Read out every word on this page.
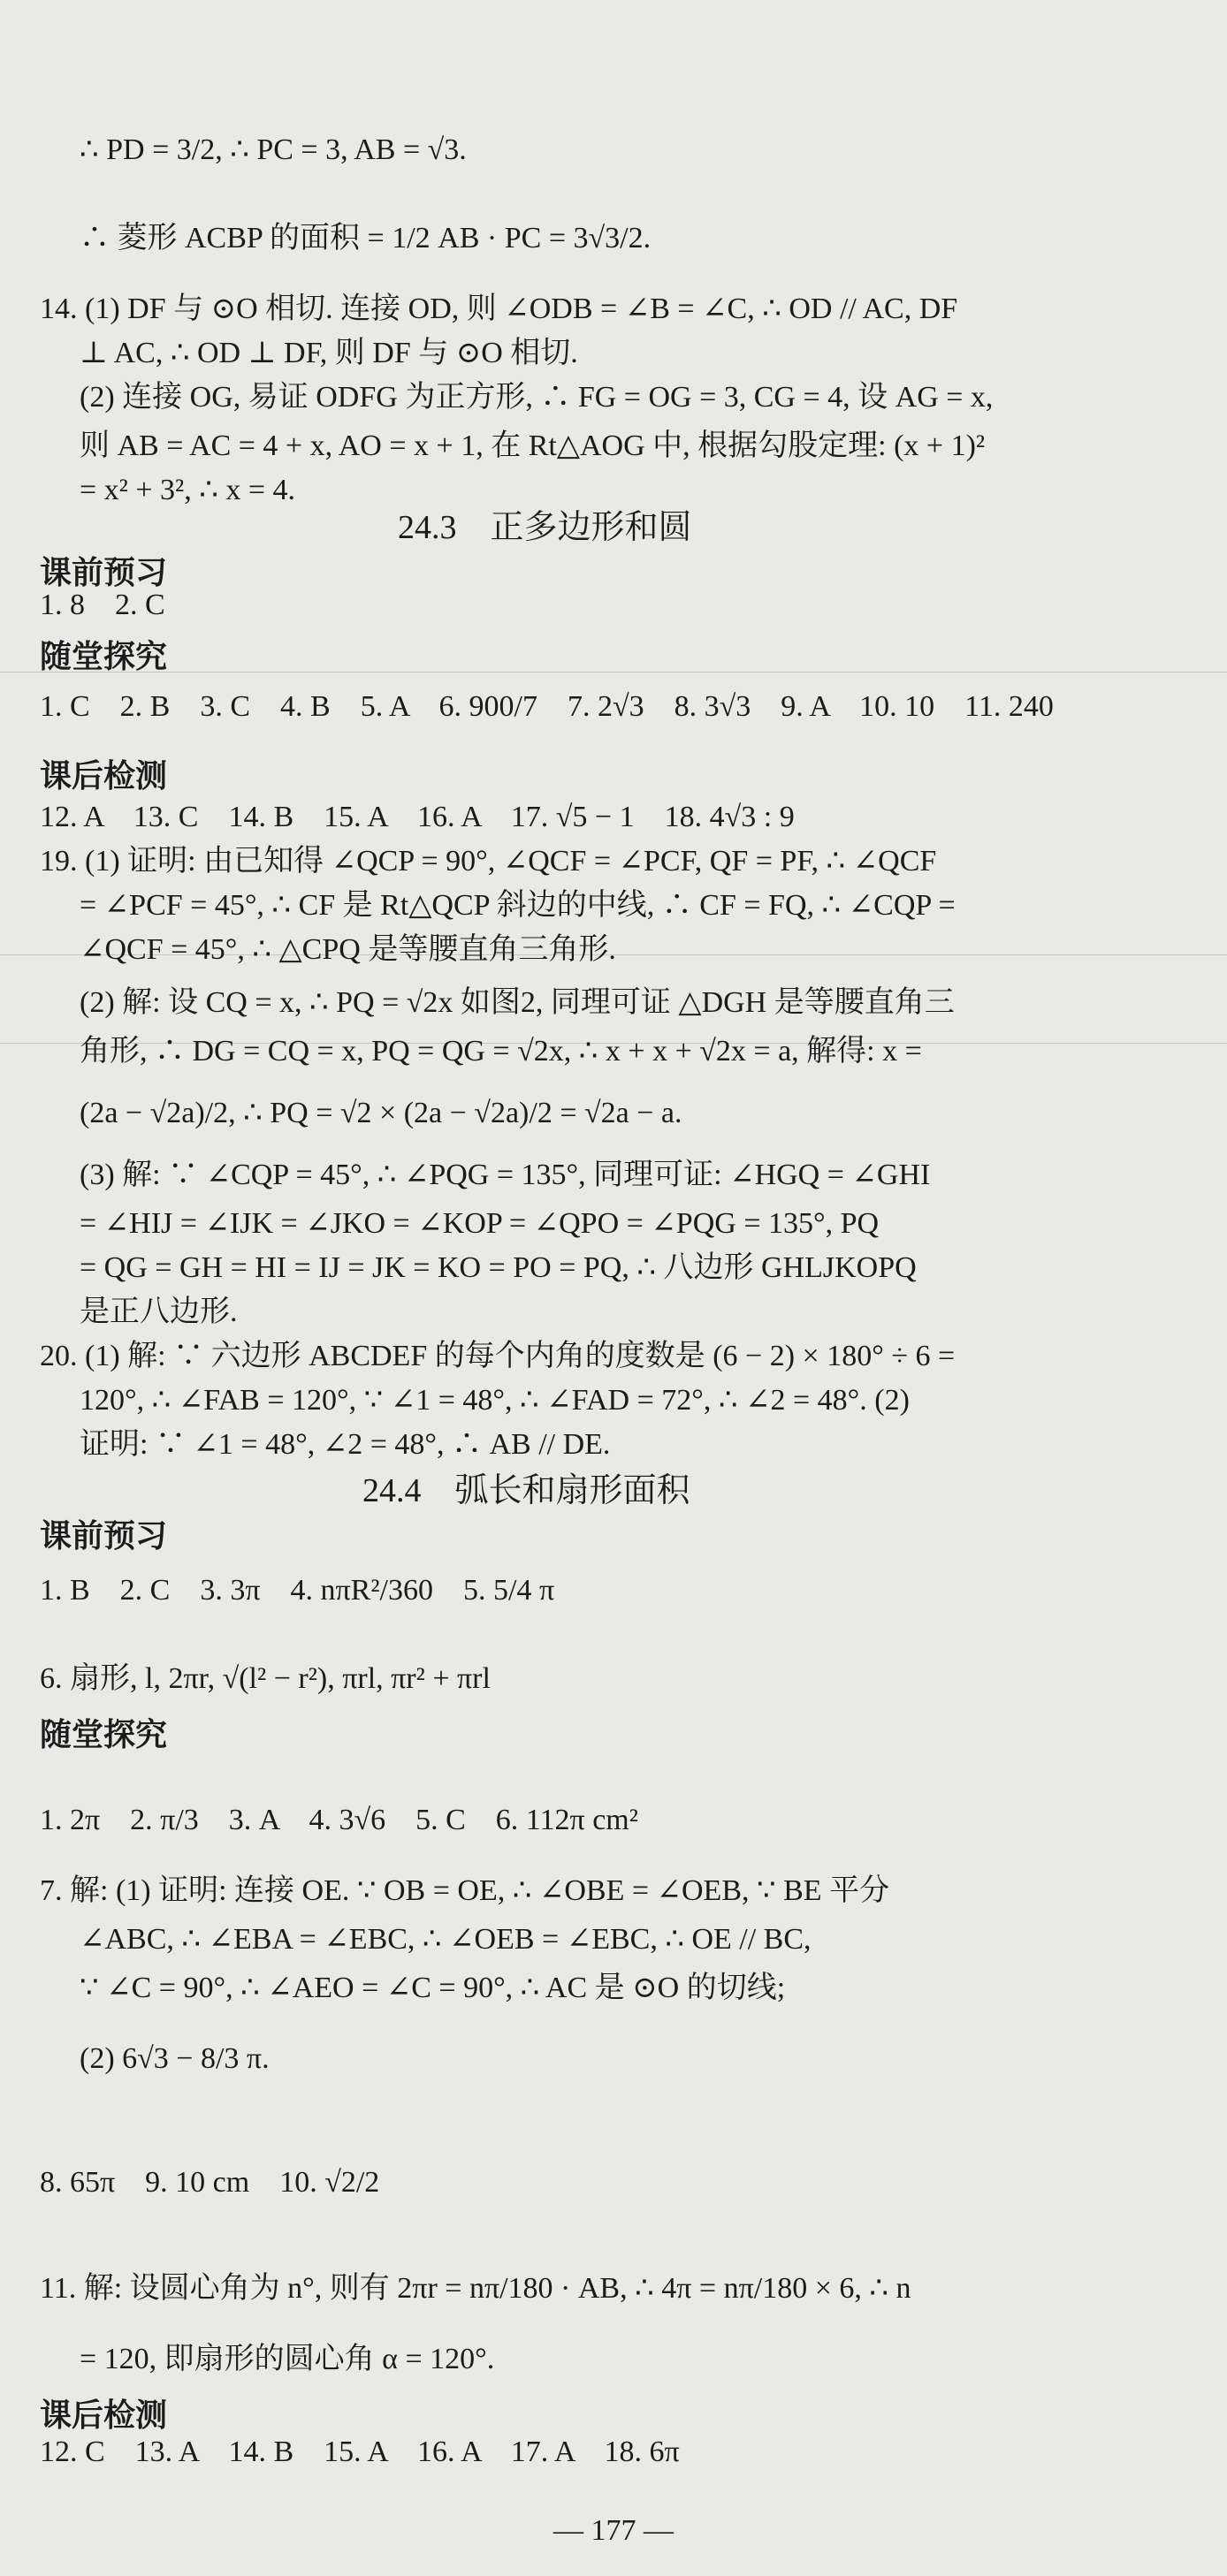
∴ PD = 3/2, ∴ PC = 3, AB = √3.
∴ 菱形 ACBP 的面积 = 1/2 AB · PC = 3√3/2.
14. (1) DF 与 ⊙O 相切. 连接 OD, 则 ∠ODB = ∠B = ∠C, ∴ OD // AC, DF
⊥ AC, ∴ OD ⊥ DF, 则 DF 与 ⊙O 相切.
(2) 连接 OG, 易证 ODFG 为正方形, ∴ FG = OG = 3, CG = 4, 设 AG = x,
则 AB = AC = 4 + x, AO = x + 1, 在 Rt△AOG 中, 根据勾股定理: (x + 1)²
= x² + 3², ∴ x = 4.
24.3　正多边形和圆
课前预习
1. 8　2. C
随堂探究
1. C　2. B　3. C　4. B　5. A　6. 900/7　7. 2√3　8. 3√3　9. A　10. 10　11. 240
课后检测
12. A　13. C　14. B　15. A　16. A　17. √5 − 1　18. 4√3 : 9
19. (1) 证明: 由已知得 ∠QCP = 90°, ∠QCF = ∠PCF, QF = PF, ∴ ∠QCF
= ∠PCF = 45°, ∴ CF 是 Rt△QCP 斜边的中线, ∴ CF = FQ, ∴ ∠CQP =
∠QCF = 45°, ∴ △CPQ 是等腰直角三角形.
(2) 解: 设 CQ = x, ∴ PQ = √2x 如图2, 同理可证 △DGH 是等腰直角三
角形, ∴ DG = CQ = x, PQ = QG = √2x, ∴ x + x + √2x = a, 解得: x =
(2a − √2a)/2, ∴ PQ = √2 × (2a − √2a)/2 = √2a − a.
(3) 解: ∵ ∠CQP = 45°, ∴ ∠PQG = 135°, 同理可证: ∠HGQ = ∠GHI
= ∠HIJ = ∠IJK = ∠JKO = ∠KOP = ∠QPO = ∠PQG = 135°, PQ
= QG = GH = HI = IJ = JK = KO = PO = PQ, ∴ 八边形 GHLJKOPQ
是正八边形.
20. (1) 解: ∵ 六边形 ABCDEF 的每个内角的度数是 (6 − 2) × 180° ÷ 6 =
120°, ∴ ∠FAB = 120°, ∵ ∠1 = 48°, ∴ ∠FAD = 72°, ∴ ∠2 = 48°. (2)
证明: ∵ ∠1 = 48°, ∠2 = 48°, ∴ AB // DE.
24.4　弧长和扇形面积
课前预习
1. B　2. C　3. 3π　4. nπR²/360　5. 5/4 π
6. 扇形, l, 2πr, √(l² − r²), πrl, πr² + πrl
随堂探究
1. 2π　2. π/3　3. A　4. 3√6　5. C　6. 112π cm²
7. 解: (1) 证明: 连接 OE. ∵ OB = OE, ∴ ∠OBE = ∠OEB, ∵ BE 平分
∠ABC, ∴ ∠EBA = ∠EBC, ∴ ∠OEB = ∠EBC, ∴ OE // BC,
∵ ∠C = 90°, ∴ ∠AEO = ∠C = 90°, ∴ AC 是 ⊙O 的切线;
(2) 6√3 − 8/3 π.
8. 65π　9. 10 cm　10. √2/2
11. 解: 设圆心角为 n°, 则有 2πr = nπ/180 · AB, ∴ 4π = nπ/180 × 6, ∴ n
= 120, 即扇形的圆心角 α = 120°.
课后检测
12. C　13. A　14. B　15. A　16. A　17. A　18. 6π
— 177 —
